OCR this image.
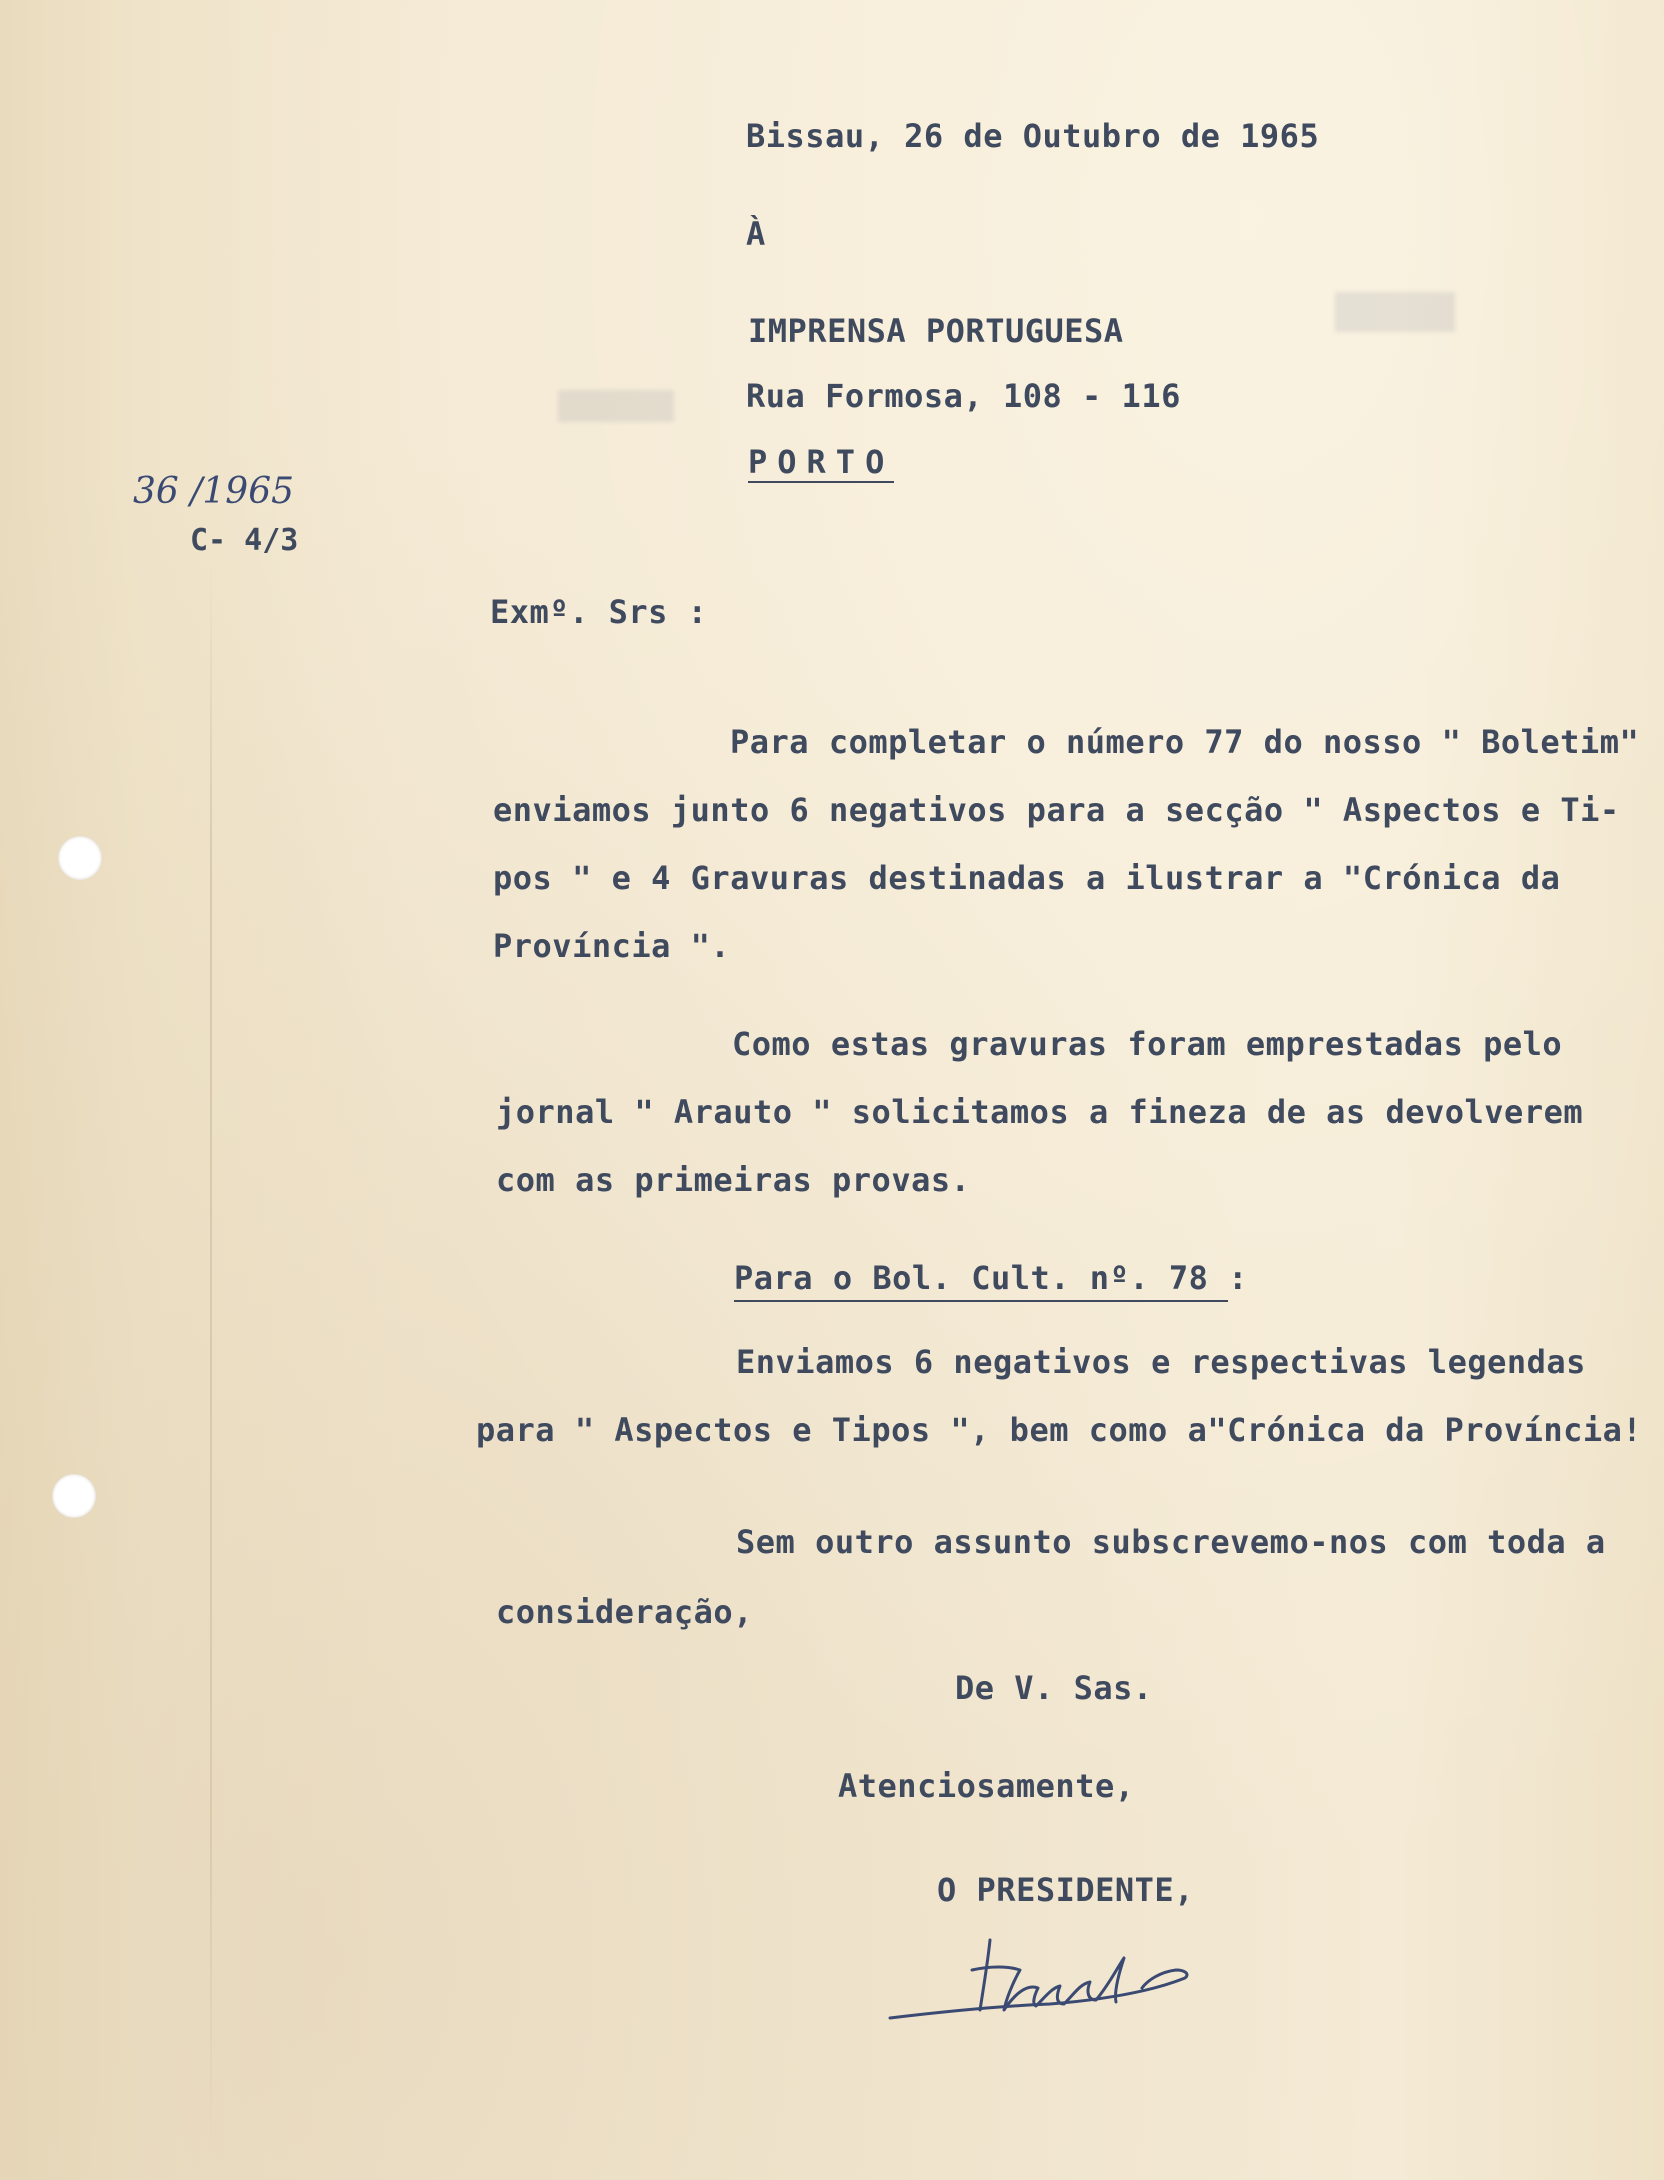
Bissau, 26 de Outubro de 1965

À

IMPRENSA PORTUGUESA

Rua Formosa, 108 - 116

PORTO

36 /1965

C- 4/3

Exmº. Srs :

Para completar o número 77 do nosso " Boletim"

enviamos junto 6 negativos para a secção " Aspectos e Ti-

pos " e 4 Gravuras destinadas a ilustrar a "Crónica da

Província ".

Como estas gravuras foram emprestadas pelo

jornal " Arauto " solicitamos a fineza de as devolverem

com as primeiras provas.

Para o Bol. Cult. nº. 78 :

Enviamos 6 negativos e respectivas legendas

para " Aspectos e Tipos ", bem como a"Crónica da Província!

Sem outro assunto subscrevemo-nos com toda a

consideração,

De V. Sas.

Atenciosamente,

O PRESIDENTE,
